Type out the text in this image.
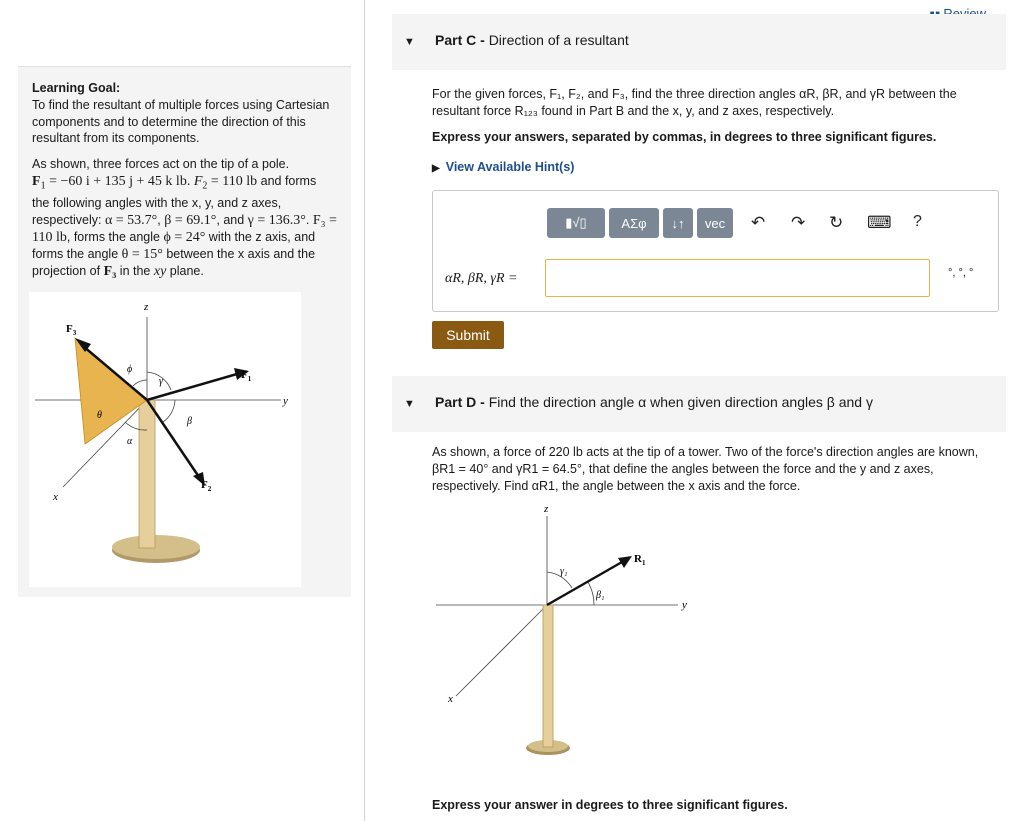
Learning Goal:
To find the resultant of multiple forces using Cartesian components and to determine the direction of this resultant from its components.
As shown, three forces act on the tip of a pole.
$F_1 = -60$ i + 135 j + 45 k lb. $F_2 = 110$ lb and forms the following angles with the x, y, and z axes, respectively: α = 53.7°, β = 69.1°, and γ = 136.3°. F₃ = 110 lb, forms the angle ϕ = 24° with the z axis, and forms the angle θ = 15° between the x axis and the projection of F₃ in the xy plane.
$F_3$
$F_1$
$F_2$
z
y
x
ϕ
γ
θ
β
α
▼ Part C - Direction of a resultant
For the given forces, F₁, F₂, and F₃, find the three direction angles αR, βR, and γR between the resultant force R₁₂₃ found in Part B and the x, y, and z axes, respectively.
Express your answers, separated by commas, in degrees to three significant figures.
▶ View Available Hint(s)
▮√▯	ΑΣφ	↓↑	vec	↶ ↷ ↻ ⌨ ?
αR, βR, γR =	°, °, °
Submit
▼ Part D - Find the direction angle α when given direction angles β and γ
As shown, a force of 220 lb acts at the tip of a tower. Two of the force's direction angles are known, βR1 = 40° and γR1 = 64.5°, that define the angles between the force and the y and z axes, respectively. Find αR1, the angle between the x axis and the force.
z
y
x
$R_1$
γ₁
β₁
Express your answer in degrees to three significant figures.
